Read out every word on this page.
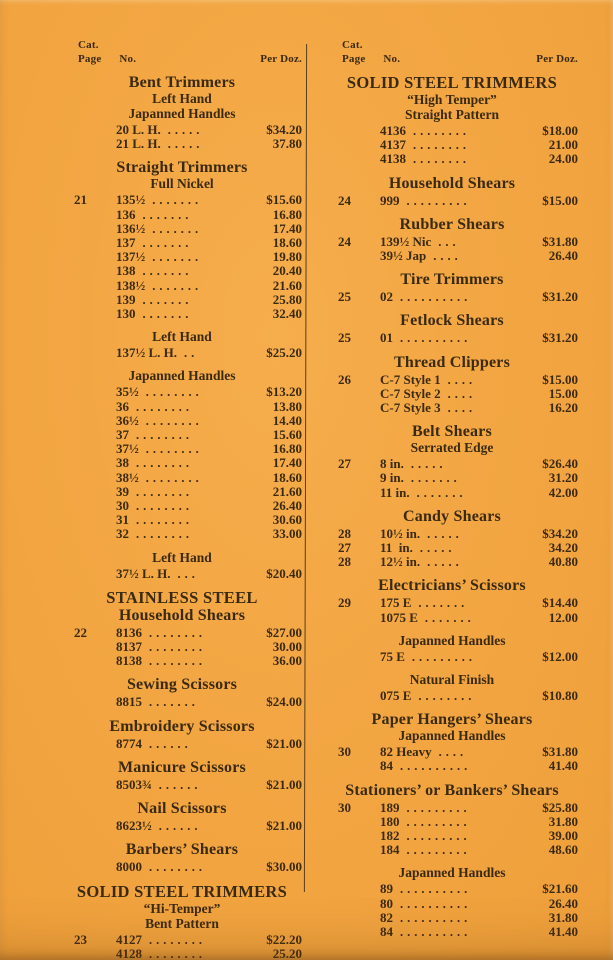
Cat.
Page No.	Per Doz.
Bent Trimmers
Left Hand
Japanned Handles
20 L. H. .....	$34.20
21 L. H. .....	37.80
Straight Trimmers
Full Nickel
21	135½ .......	$15.60
136 .......	16.80
136½ .......	17.40
137 .......	18.60
137½ .......	19.80
138 .......	20.40
138½ .......	21.60
139 .......	25.80
130 .......	32.40
Left Hand
137½ L. H. ..	$25.20
Japanned Handles
35½ ........	$13.20
36 ........	13.80
36½ ........	14.40
37 ........	15.60
37½ ........	16.80
38 ........	17.40
38½ ........	18.60
39 ........	21.60
30 ........	26.40
31 ........	30.60
32 ........	33.00
Left Hand
37½ L. H. ...	$20.40
STAINLESS STEEL
Household Shears
22	8136 ........	$27.00
8137 ........	30.00
8138 ........	36.00
Sewing Scissors
8815 .......	$24.00
Embroidery Scissors
8774 ......	$21.00
Manicure Scissors
8503¾ ......	$21.00
Nail Scissors
8623½ ......	$21.00
Barbers’ Shears
8000 ........	$30.00
SOLID STEEL TRIMMERS
“Hi-Temper”
Bent Pattern
23	4127 ........	$22.20
4128 ........	25.20
Cat.
Page No.	Per Doz.
SOLID STEEL TRIMMERS
“High Temper”
Straight Pattern
4136 ........	$18.00
4137 ........	21.00
4138 ........	24.00
Household Shears
24	999 .........	$15.00
Rubber Shears
24	139½ Nic ...	$31.80
39½ Jap ....	26.40
Tire Trimmers
25	02 ..........	$31.20
Fetlock Shears
25	01 ..........	$31.20
Thread Clippers
26	C-7 Style 1 ....	$15.00
C-7 Style 2 ....	15.00
C-7 Style 3 ....	16.20
Belt Shears
Serrated Edge
27	8 in. .....	$26.40
9 in. .......	31.20
11 in. .......	42.00
Candy Shears
28	10½ in. .....	$34.20
27	11  in. .....	34.20
28	12½ in. .....	40.80
Electricians’ Scissors
29	175 E .......	$14.40
1075 E .......	12.00
Japanned Handles
75 E .........	$12.00
Natural Finish
075 E ........	$10.80
Paper Hangers’ Shears
Japanned Handles
30	82 Heavy ....	$31.80
84 ..........	41.40
Stationers’ or Bankers’ Shears
30	189 .........	$25.80
180 .........	31.80
182 .........	39.00
184 .........	48.60
Japanned Handles
89 ..........	$21.60
80 ..........	26.40
82 ..........	31.80
84 ..........	41.40
